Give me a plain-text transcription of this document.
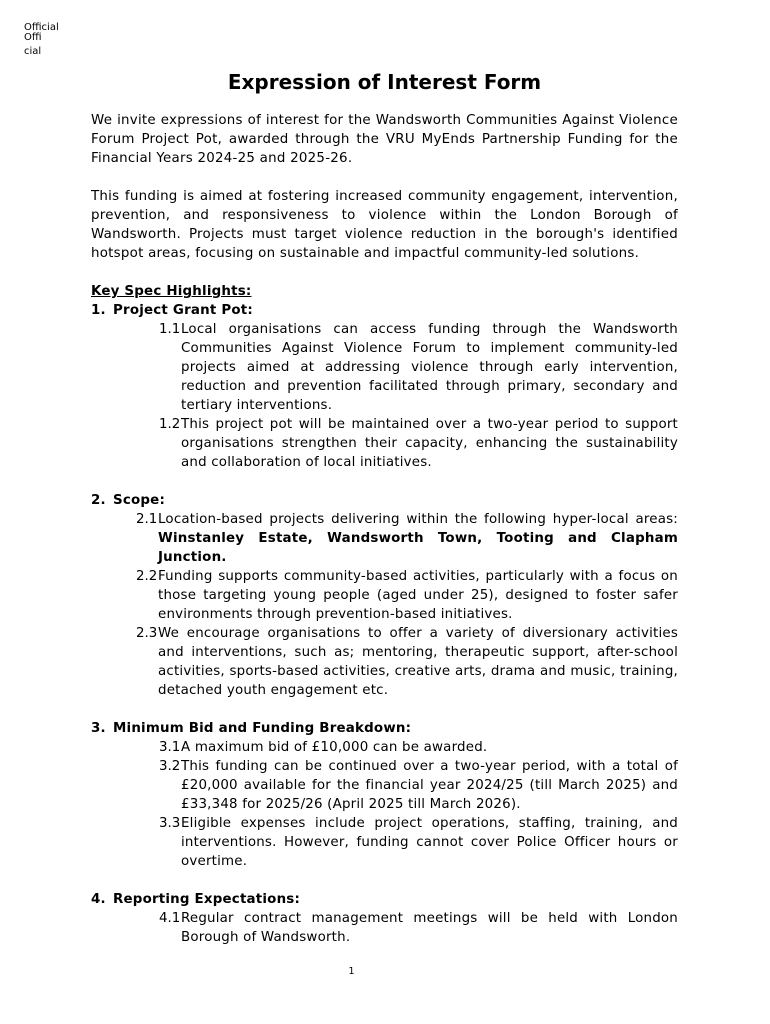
Official
Official
Expression of Interest Form

We invite expressions of interest for the Wandsworth Communities Against Violence Forum Project Pot, awarded through the VRU MyEnds Partnership Funding for the Financial Years 2024-25 and 2025-26.

This funding is aimed at fostering increased community engagement, intervention, prevention, and responsiveness to violence within the London Borough of Wandsworth. Projects must target violence reduction in the borough's identified hotspot areas, focusing on sustainable and impactful community-led solutions.

Key Spec Highlights:
1. Project Grant Pot:
1.1 Local organisations can access funding through the Wandsworth Communities Against Violence Forum to implement community-led projects aimed at addressing violence through early intervention, reduction and prevention facilitated through primary, secondary and tertiary interventions.
1.2 This project pot will be maintained over a two-year period to support organisations strengthen their capacity, enhancing the sustainability and collaboration of local initiatives.
2. Scope:
2.1 Location-based projects delivering within the following hyper-local areas: Winstanley Estate, Wandsworth Town, Tooting and Clapham Junction.
2.2 Funding supports community-based activities, particularly with a focus on those targeting young people (aged under 25), designed to foster safer environments through prevention-based initiatives.
2.3 We encourage organisations to offer a variety of diversionary activities and interventions, such as; mentoring, therapeutic support, after-school activities, sports-based activities, creative arts, drama and music, training, detached youth engagement etc.
3. Minimum Bid and Funding Breakdown:
3.1 A maximum bid of £10,000 can be awarded.
3.2 This funding can be continued over a two-year period, with a total of £20,000 available for the financial year 2024/25 (till March 2025) and £33,348 for 2025/26 (April 2025 till March 2026).
3.3 Eligible expenses include project operations, staffing, training, and interventions. However, funding cannot cover Police Officer hours or overtime.
4. Reporting Expectations:
4.1 Regular contract management meetings will be held with London Borough of Wandsworth.
1
